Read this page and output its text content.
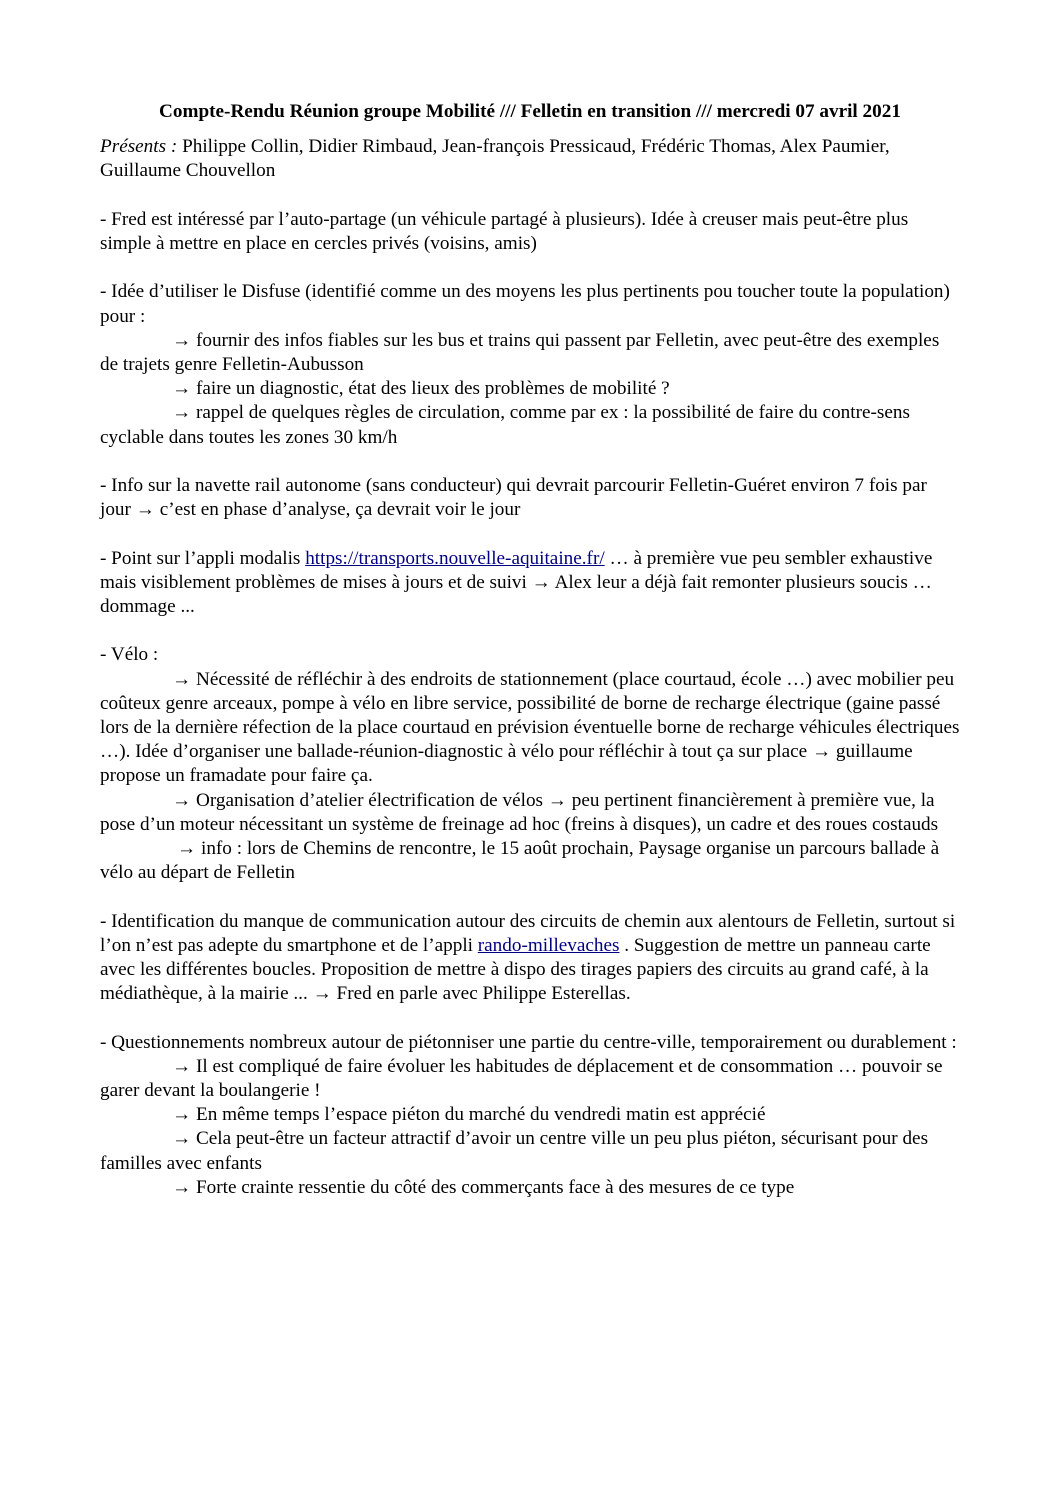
Compte-Rendu Réunion groupe Mobilité /// Felletin en transition /// mercredi 07 avril 2021

Présents : Philippe Collin, Didier Rimbaud, Jean-françois Pressicaud, Frédéric Thomas, Alex Paumier, Guillaume Chouvellon

- Fred est intéressé par l’auto-partage (un véhicule partagé à plusieurs). Idée à creuser mais peut-être plus simple à mettre en place en cercles privés (voisins, amis)

- Idée d’utiliser le Disfuse (identifié comme un des moyens les plus pertinents pou toucher toute la population) pour :

→ fournir des infos fiables sur les bus et trains qui passent par Felletin, avec peut-être des exemples de trajets genre Felletin-Aubusson

→ faire un diagnostic, état des lieux des problèmes de mobilité ?

→ rappel de quelques règles de circulation, comme par ex : la possibilité de faire du contre-sens cyclable dans toutes les zones 30 km/h

- Info sur la navette rail autonome (sans conducteur) qui devrait parcourir Felletin-Guéret environ 7 fois par jour → c’est en phase d’analyse, ça devrait voir le jour

- Point sur l’appli modalis https://transports.nouvelle-aquitaine.fr/ … à première vue peu sembler exhaustive mais visiblement problèmes de mises à jours et de suivi → Alex leur a déjà fait remonter plusieurs soucis … dommage ...

- Vélo :

→ Nécessité de réfléchir à des endroits de stationnement (place courtaud, école …) avec mobilier peu coûteux genre arceaux, pompe à vélo en libre service, possibilité de borne de recharge électrique (gaine passé lors de la dernière réfection de la place courtaud en prévision éventuelle borne de recharge véhicules électriques …). Idée d’organiser une ballade-réunion-diagnostic à vélo pour réfléchir à tout ça sur place → guillaume propose un framadate pour faire ça.

→ Organisation d’atelier électrification de vélos → peu pertinent financièrement à première vue, la pose d’un moteur nécessitant un système de freinage ad hoc (freins à disques), un cadre et des roues costauds

→ info : lors de Chemins de rencontre, le 15 août prochain, Paysage organise un parcours ballade à vélo au départ de Felletin

- Identification du manque de communication autour des circuits de chemin aux alentours de Felletin, surtout si l’on n’est pas adepte du smartphone et de l’appli rando-millevaches . Suggestion de mettre un panneau carte avec les différentes boucles. Proposition de mettre à dispo des tirages papiers des circuits au grand café, à la médiathèque, à la mairie ... → Fred en parle avec Philippe Esterellas.

- Questionnements nombreux autour de piétonniser une partie du centre-ville, temporairement ou durablement :

→ Il est compliqué de faire évoluer les habitudes de déplacement et de consommation … pouvoir se garer devant la boulangerie !

→ En même temps l’espace piéton du marché du vendredi matin est apprécié

→ Cela peut-être un facteur attractif d’avoir un centre ville un peu plus piéton, sécurisant pour des familles avec enfants

→ Forte crainte ressentie du côté des commerçants face à des mesures de ce type
